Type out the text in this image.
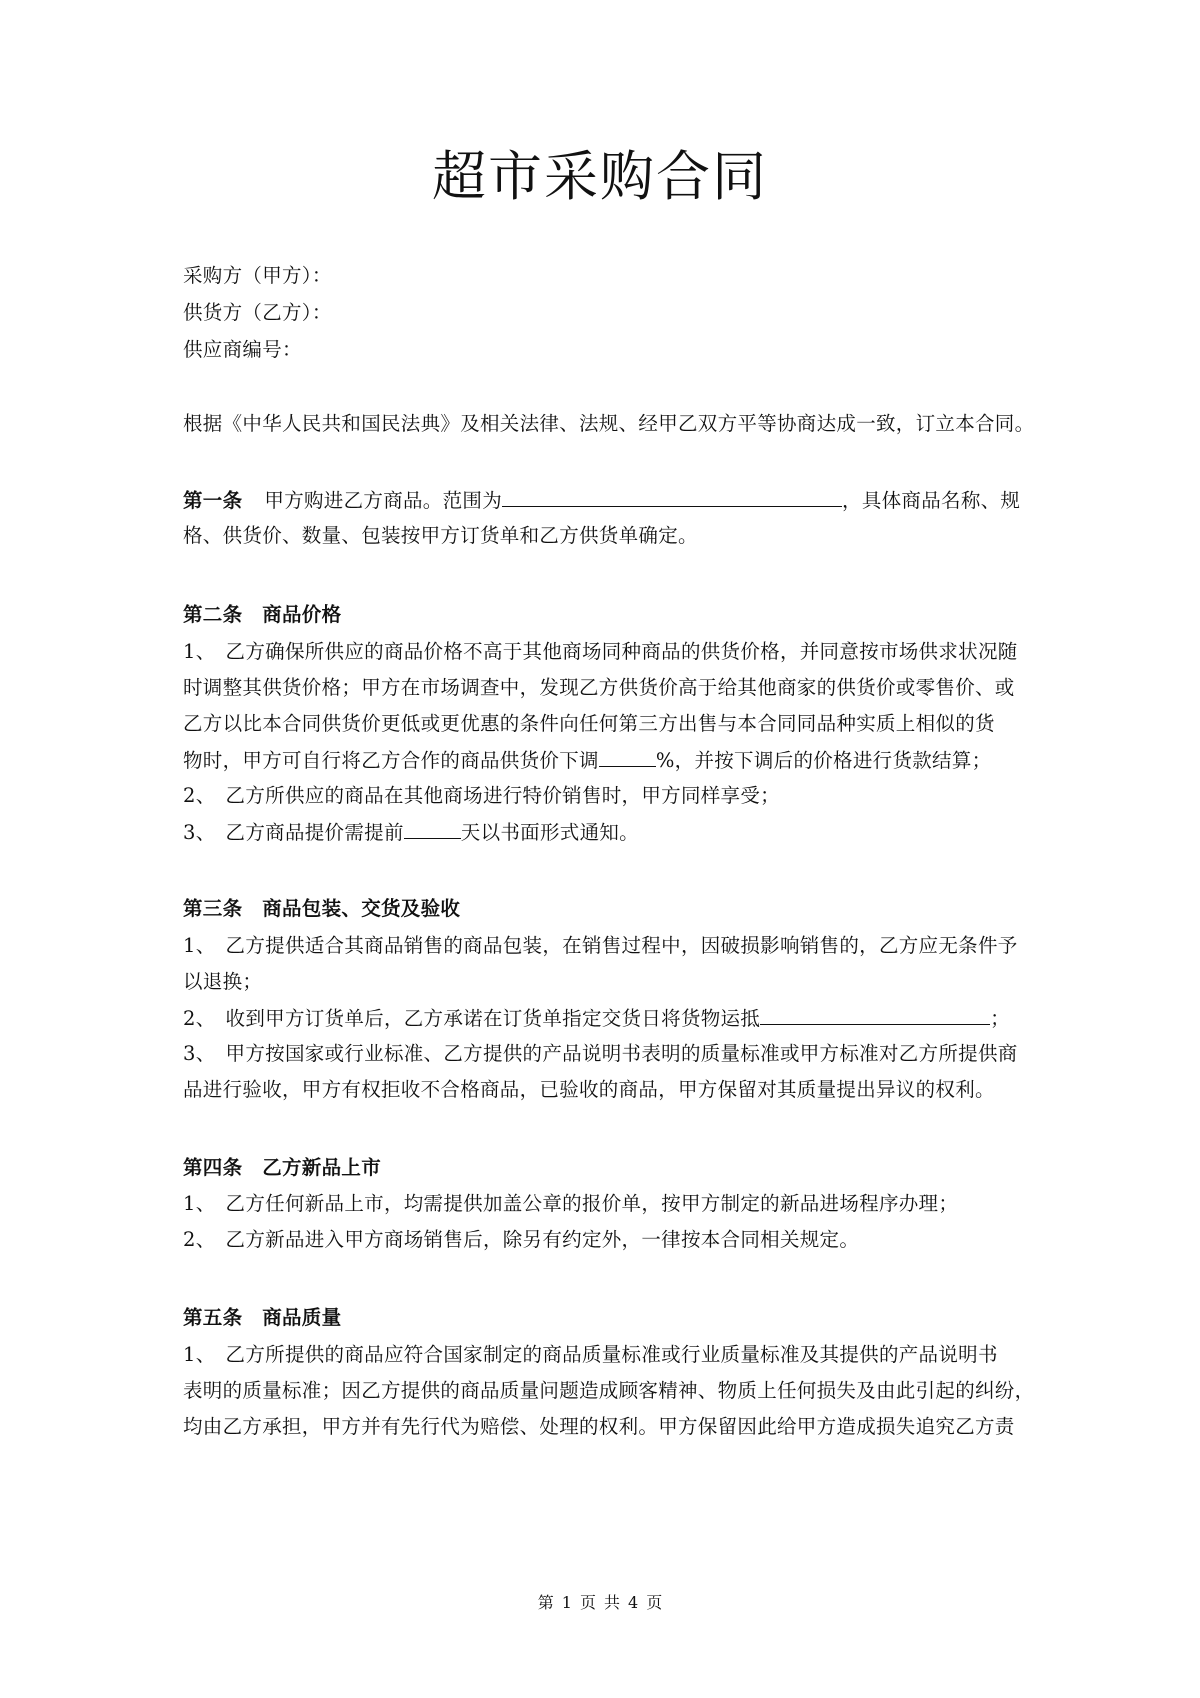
超市采购合同
采购方（甲方）：
供货方（乙方）：
供应商编号：
根据《中华人民共和国民法典》及相关法律、法规、经甲乙双方平等协商达成一致，订立本合同。
第一条 甲方购进乙方商品。范围为	，具体商品名称、规
格、供货价、数量、包装按甲方订货单和乙方供货单确定。
第二条　商品价格
1、　乙方确保所供应的商品价格不高于其他商场同种商品的供货价格，并同意按市场供求状况随
时调整其供货价格；甲方在市场调查中，发现乙方供货价高于给其他商家的供货价或零售价、或
乙方以比本合同供货价更低或更优惠的条件向任何第三方出售与本合同同品种实质上相似的货
物时，甲方可自行将乙方合作的商品供货价下调	%，并按下调后的价格进行货款结算；
2、　乙方所供应的商品在其他商场进行特价销售时，甲方同样享受；
3、　乙方商品提价需提前	天以书面形式通知。
第三条　商品包装、交货及验收
1、　乙方提供适合其商品销售的商品包装，在销售过程中，因破损影响销售的，乙方应无条件予
以退换；
2、　收到甲方订货单后，乙方承诺在订货单指定交货日将货物运抵	；
3、　甲方按国家或行业标准、乙方提供的产品说明书表明的质量标准或甲方标准对乙方所提供商
品进行验收，甲方有权拒收不合格商品，已验收的商品，甲方保留对其质量提出异议的权利。
第四条　乙方新品上市
1、　乙方任何新品上市，均需提供加盖公章的报价单，按甲方制定的新品进场程序办理；
2、　乙方新品进入甲方商场销售后，除另有约定外，一律按本合同相关规定。
第五条　商品质量
1、　乙方所提供的商品应符合国家制定的商品质量标准或行业质量标准及其提供的产品说明书
表明的质量标准；因乙方提供的商品质量问题造成顾客精神、物质上任何损失及由此引起的纠纷，
均由乙方承担，甲方并有先行代为赔偿、处理的权利。甲方保留因此给甲方造成损失追究乙方责
第 1 页 共 4 页
